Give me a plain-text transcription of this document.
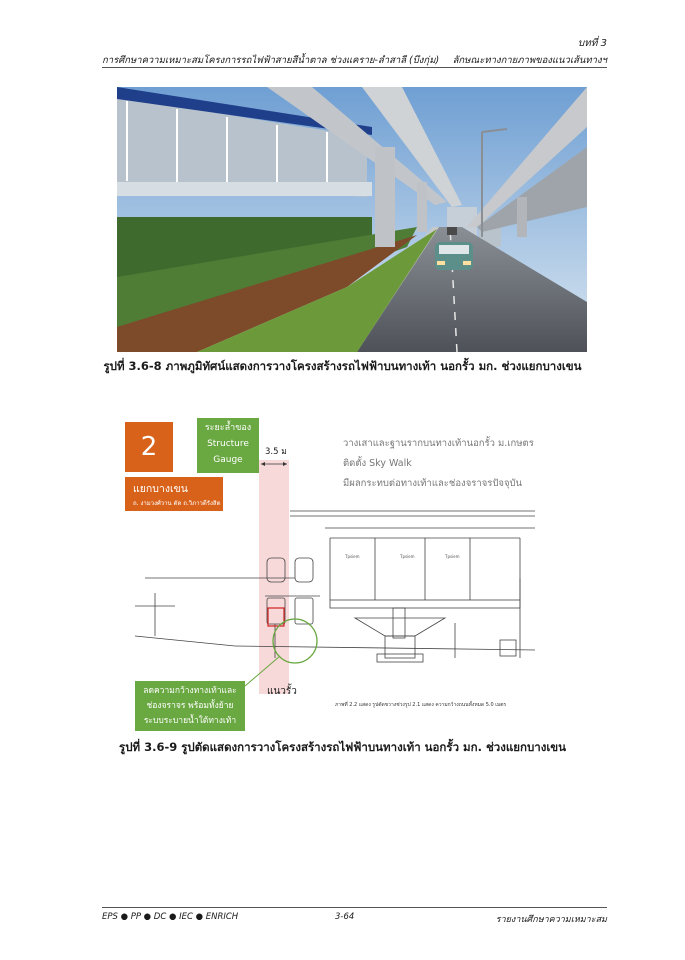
บทที่ 3
การศึกษาความเหมาะสมโครงการรถไฟฟ้าสายสีน้ำตาล ช่วงแคราย-ลำสาลี (บึงกุ่ม) ลักษณะทางกายภาพของแนวเส้นทางฯ
รูปที่ 3.6-8 ภาพภูมิทัศน์แสดงการวางโครงสร้างรถไฟฟ้าบนทางเท้า นอกรั้ว มก. ช่วงแยกบางเขน
Tpsiem	Tpsiem	Tpsiem
2
ระยะล้ำของ
Structure
Gauge
3.5 ม
แยกบางเขน
ถ. งามวงศ์วาน ตัด ถ.วิภาวดีรังสิต
วางเสาและฐานรากบนทางเท้านอกรั้ว ม.เกษตร
ติดตั้ง Sky Walk
มีผลกระทบต่อทางเท้าและช่องจราจรปัจจุบัน
ลดความกว้างทางเท้าและ
ช่องจราจร พร้อมทั้งย้าย
ระบบระบายน้ำใต้ทางเท้า
แนวรั้ว
ภาพที่ 2.2 แสดง รูปตัดขวางช่วงรูป 2.1 แสดง ความกว้างถนนทั้งหมด 5.0 เมตร
รูปที่ 3.6-9 รูปตัดแสดงการวางโครงสร้างรถไฟฟ้าบนทางเท้า นอกรั้ว มก. ช่วงแยกบางเขน
EPS ● PP ● DC ● IEC ● ENRICH	3-64	รายงานศึกษาความเหมาะสม
